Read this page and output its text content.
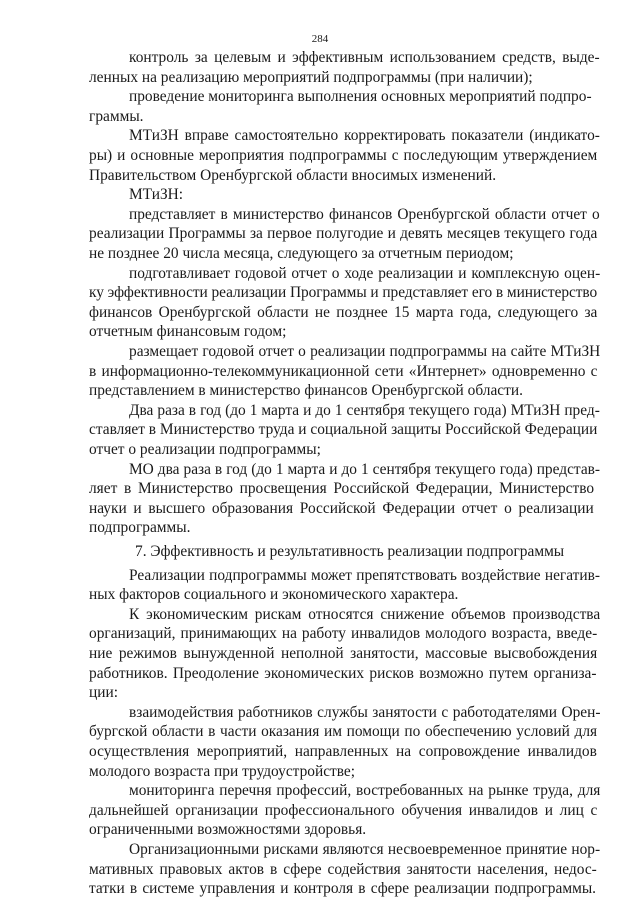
284
контроль за целевым и эффективным использованием средств, выде-
ленных на реализацию мероприятий подпрограммы (при наличии);
проведение мониторинга выполнения основных мероприятий подпро-
граммы.
МТиЗН вправе самостоятельно корректировать показатели (индикато-
ры) и основные мероприятия подпрограммы с последующим утверждением
Правительством Оренбургской области вносимых изменений.
МТиЗН:
представляет в министерство финансов Оренбургской области отчет о
реализации Программы за первое полугодие и девять месяцев текущего года
не позднее 20 числа месяца, следующего за отчетным периодом;
подготавливает годовой отчет о ходе реализации и комплексную оцен-
ку эффективности реализации Программы и представляет его в министерство
финансов Оренбургской области не позднее 15 марта года, следующего за
отчетным финансовым годом;
размещает годовой отчет о реализации подпрограммы на сайте МТиЗН
в информационно-телекоммуникационной сети «Интернет» одновременно с
представлением в министерство финансов Оренбургской области.
Два раза в год (до 1 марта и до 1 сентября текущего года) МТиЗН пред-
ставляет в Министерство труда и социальной защиты Российской Федерации
отчет о реализации подпрограммы;
МО два раза в год (до 1 марта и до 1 сентября текущего года) представ-
ляет в Министерство просвещения Российской Федерации, Министерство
науки и высшего образования Российской Федерации отчет о реализации
подпрограммы.
7. Эффективность и результативность реализации подпрограммы
Реализации подпрограммы может препятствовать воздействие негатив-
ных факторов социального и экономического характера.
К экономическим рискам относятся снижение объемов производства
организаций, принимающих на работу инвалидов молодого возраста, введе-
ние режимов вынужденной неполной занятости, массовые высвобождения
работников. Преодоление экономических рисков возможно путем организа-
ции:
взаимодействия работников службы занятости с работодателями Орен-
бургской области в части оказания им помощи по обеспечению условий для
осуществления мероприятий, направленных на сопровождение инвалидов
молодого возраста при трудоустройстве;
мониторинга перечня профессий, востребованных на рынке труда, для
дальнейшей организации профессионального обучения инвалидов и лиц с
ограниченными возможностями здоровья.
Организационными рисками являются несвоевременное принятие нор-
мативных правовых актов в сфере содействия занятости населения, недос-
татки в системе управления и контроля в сфере реализации подпрограммы.
